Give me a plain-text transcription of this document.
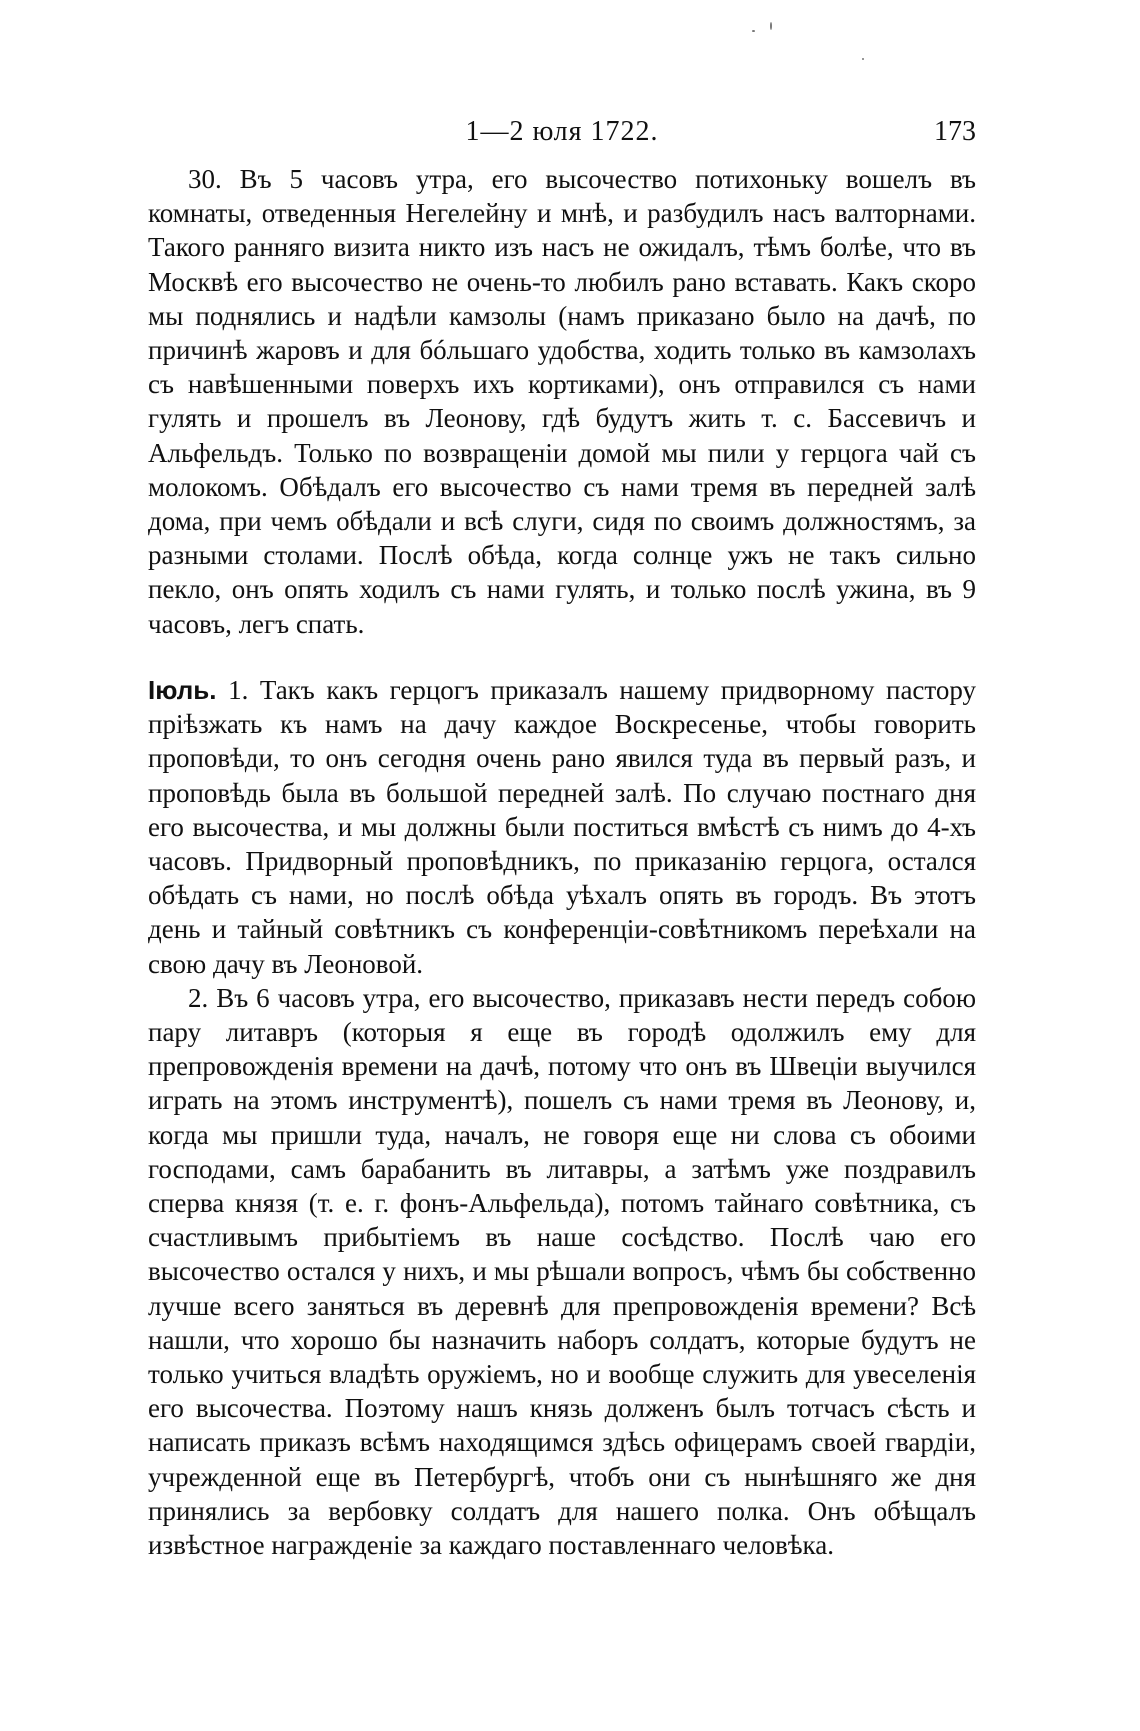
1—2 юля 1722.	173

30. Въ 5 часовъ утра, его высочество потихоньку вошелъ въ комнаты, отведенныя Негелейну и мнѣ, и разбудилъ насъ валторнами. Такого ранняго визита никто изъ насъ не ожидалъ, тѣмъ болѣе, что въ Москвѣ его высочество не очень-то любилъ рано вставать. Какъ скоро мы поднялись и надѣли камзолы (намъ приказано было на дачѣ, по причинѣ жаровъ и для бóльшаго удобства, ходить только въ камзолахъ съ навѣшенными поверхъ ихъ кортиками), онъ отправился съ нами гулять и прошелъ въ Леонову, гдѣ будутъ жить т. с. Бассевичъ и Альфельдъ. Только по возвращеніи домой мы пили у герцога чай съ молокомъ. Обѣдалъ его высочество съ нами тремя въ передней залѣ дома, при чемъ обѣдали и всѣ слуги, сидя по своимъ должностямъ, за разными столами. Послѣ обѣда, когда солнце ужъ не такъ сильно пекло, онъ опять ходилъ съ нами гулять, и только послѣ ужина, въ 9 часовъ, легъ спать.

Іюль. 1. Такъ какъ герцогъ приказалъ нашему придворному пастору пріѣзжать къ намъ на дачу каждое Воскресенье, чтобы говорить проповѣди, то онъ сегодня очень рано явился туда въ первый разъ, и проповѣдь была въ большой передней залѣ. По случаю постнаго дня его высочества, и мы должны были поститься вмѣстѣ съ нимъ до 4-хъ часовъ. Придворный проповѣдникъ, по приказанію герцога, остался обѣдать съ нами, но послѣ обѣда уѣхалъ опять въ городъ. Въ этотъ день и тайный совѣтникъ съ конференціи-совѣтникомъ переѣхали на свою дачу въ Леоновой.

2. Въ 6 часовъ утра, его высочество, приказавъ нести передъ собою пару литавръ (которыя я еще въ городѣ одолжилъ ему для препровожденія времени на дачѣ, потому что онъ въ Швеціи выучился играть на этомъ инструментѣ), пошелъ съ нами тремя въ Леонову, и, когда мы пришли туда, началъ, не говоря еще ни слова съ обоими господами, самъ барабанить въ литавры, а затѣмъ уже поздравилъ сперва князя (т. е. г. фонъ-Альфельда), потомъ тайнаго совѣтника, съ счастливымъ прибытіемъ въ наше сосѣдство. Послѣ чаю его высочество остался у нихъ, и мы рѣшали вопросъ, чѣмъ бы собственно лучше всего заняться въ деревнѣ для препровожденія времени? Всѣ нашли, что хорошо бы назначить наборъ солдатъ, которые будутъ не только учиться владѣть оружіемъ, но и вообще служить для увеселенія его высочества. Поэтому нашъ князь долженъ былъ тотчасъ сѣсть и написать приказъ всѣмъ находящимся здѣсь офицерамъ своей гвардіи, учрежденной еще въ Петербургѣ, чтобъ они съ нынѣшняго же дня принялись за вербовку солдатъ для нашего полка. Онъ обѣщалъ извѣстное награжденіе за каждаго поставленнаго человѣка.
